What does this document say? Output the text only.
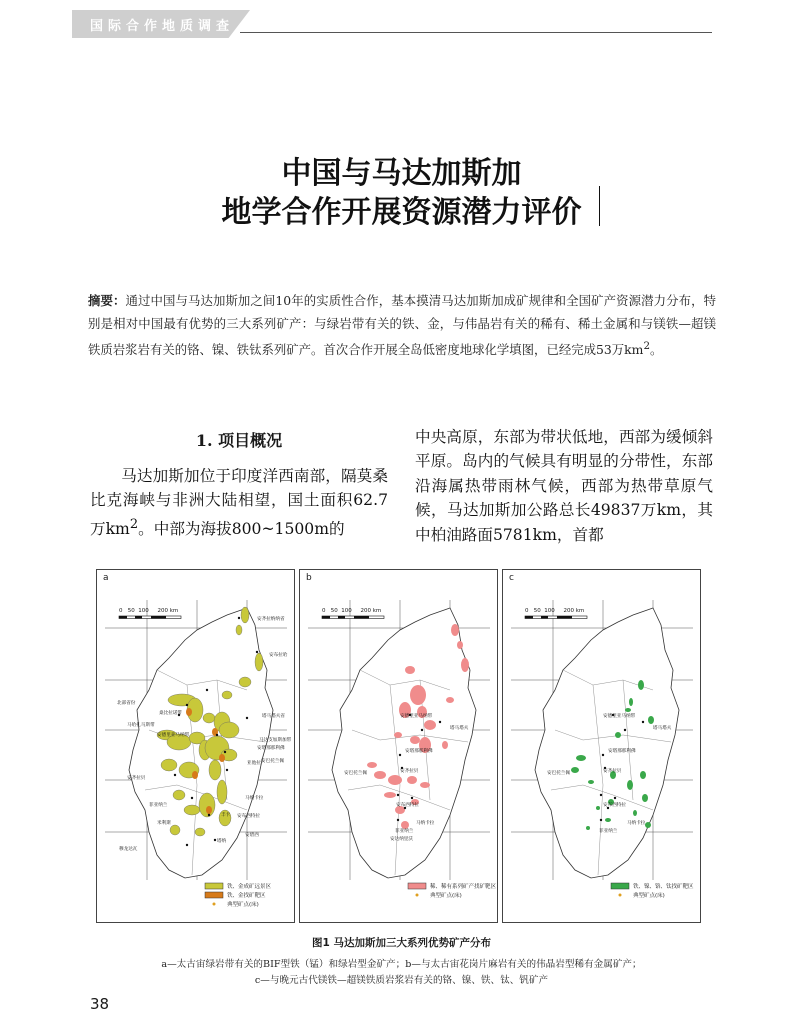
国际合作地质调查
中国与马达加斯加
地学合作开展资源潜力评价
摘要：通过中国与马达加斯加之间10年的实质性合作，基本摸清马达加斯加成矿规律和全国矿产资源潜力分布，特别是相对中国最有优势的三大系列矿产：与绿岩带有关的铁、金，与伟晶岩有关的稀有、稀土金属和与镁铁—超镁铁质岩浆岩有关的铬、镍、铁钛系列矿产。首次合作开展全岛低密度地球化学填图，已经完成53万$km^2$。
1. 项目概况
马达加斯加位于印度洋西南部，隔莫桑比克海峡与非洲大陆相望，国土面积62.7万$km^2$。中部为海拔800~1500m的
中央高原，东部为带状低地，西部为缓倾斜平原。岛内的气候具有明显的分带性，东部沿海属热带雨林气候，西部为热带草原气候，马达加斯加公路总长49837万km，其中柏油路面5781km，首都
a
0   50  100     200 km
安齐拉纳纳省
安布拉哈
桑比拉诺带
北部省份
马哈扎马斯带
安德里亚马纳带
塔马塔夫省
安塔那那利佛
马达支加斯加带
安巴托兰佩
安齐拉贝
菲亚纳兰
马纳卡拉
安布西特拉
米利斯
穆龙达瓦
安碧西
丰卡
亚他拉
塔纳
铁、金成矿远景区
铁、金找矿靶区
典型矿点(床)
b
0   50  100     200 km
安德里亚马纳带
塔马塔夫
安塔那那利佛
安齐拉贝
安巴托兰佩
安布西特拉
马纳卡拉
菲亚纳兰
安达纳里沃
稀、稀有系列矿产找矿靶区
典型矿点(床)
c
0   50  100     200 km
安德里亚马纳带
塔马塔夫
安塔那那利佛
安巴托兰佩	安齐拉贝
安布西特拉
马纳卡拉
菲亚纳兰
铁、镍、铬、钛找矿靶区
典型矿点(床)
图1 马达加斯加三大系列优势矿产分布
a—太古宙绿岩带有关的BIF型铁（锰）和绿岩型金矿产；b—与太古宙花岗片麻岩有关的伟晶岩型稀有金属矿产；
c—与晚元古代镁铁—超镁铁质岩浆岩有关的铬、镍、铁、钛、钒矿产
38
